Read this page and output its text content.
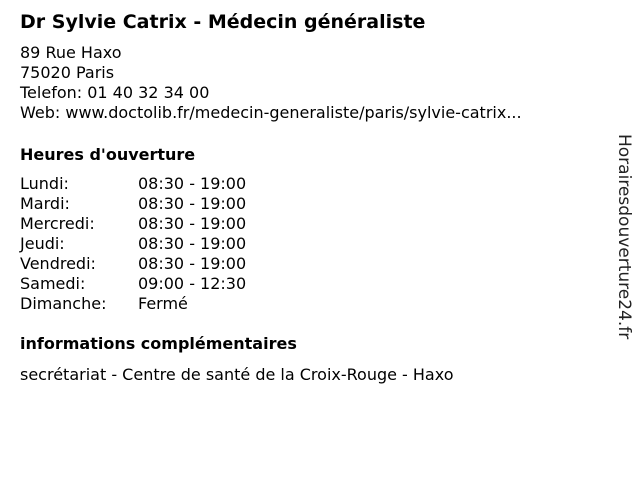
Dr Sylvie Catrix - Médecin généraliste
89 Rue Haxo
75020 Paris
Telefon: 01 40 32 34 00
Web: www.doctolib.fr/medecin-generaliste/paris/sylvie-catrix...
Heures d'ouverture
Lundi:	08:30 - 19:00
Mardi:	08:30 - 19:00
Mercredi:	08:30 - 19:00
Jeudi:	08:30 - 19:00
Vendredi:	08:30 - 19:00
Samedi:	09:00 - 12:30
Dimanche:	Fermé
informations complémentaires
secrétariat - Centre de santé de la Croix-Rouge - Haxo
Horairesdouverture24.fr
